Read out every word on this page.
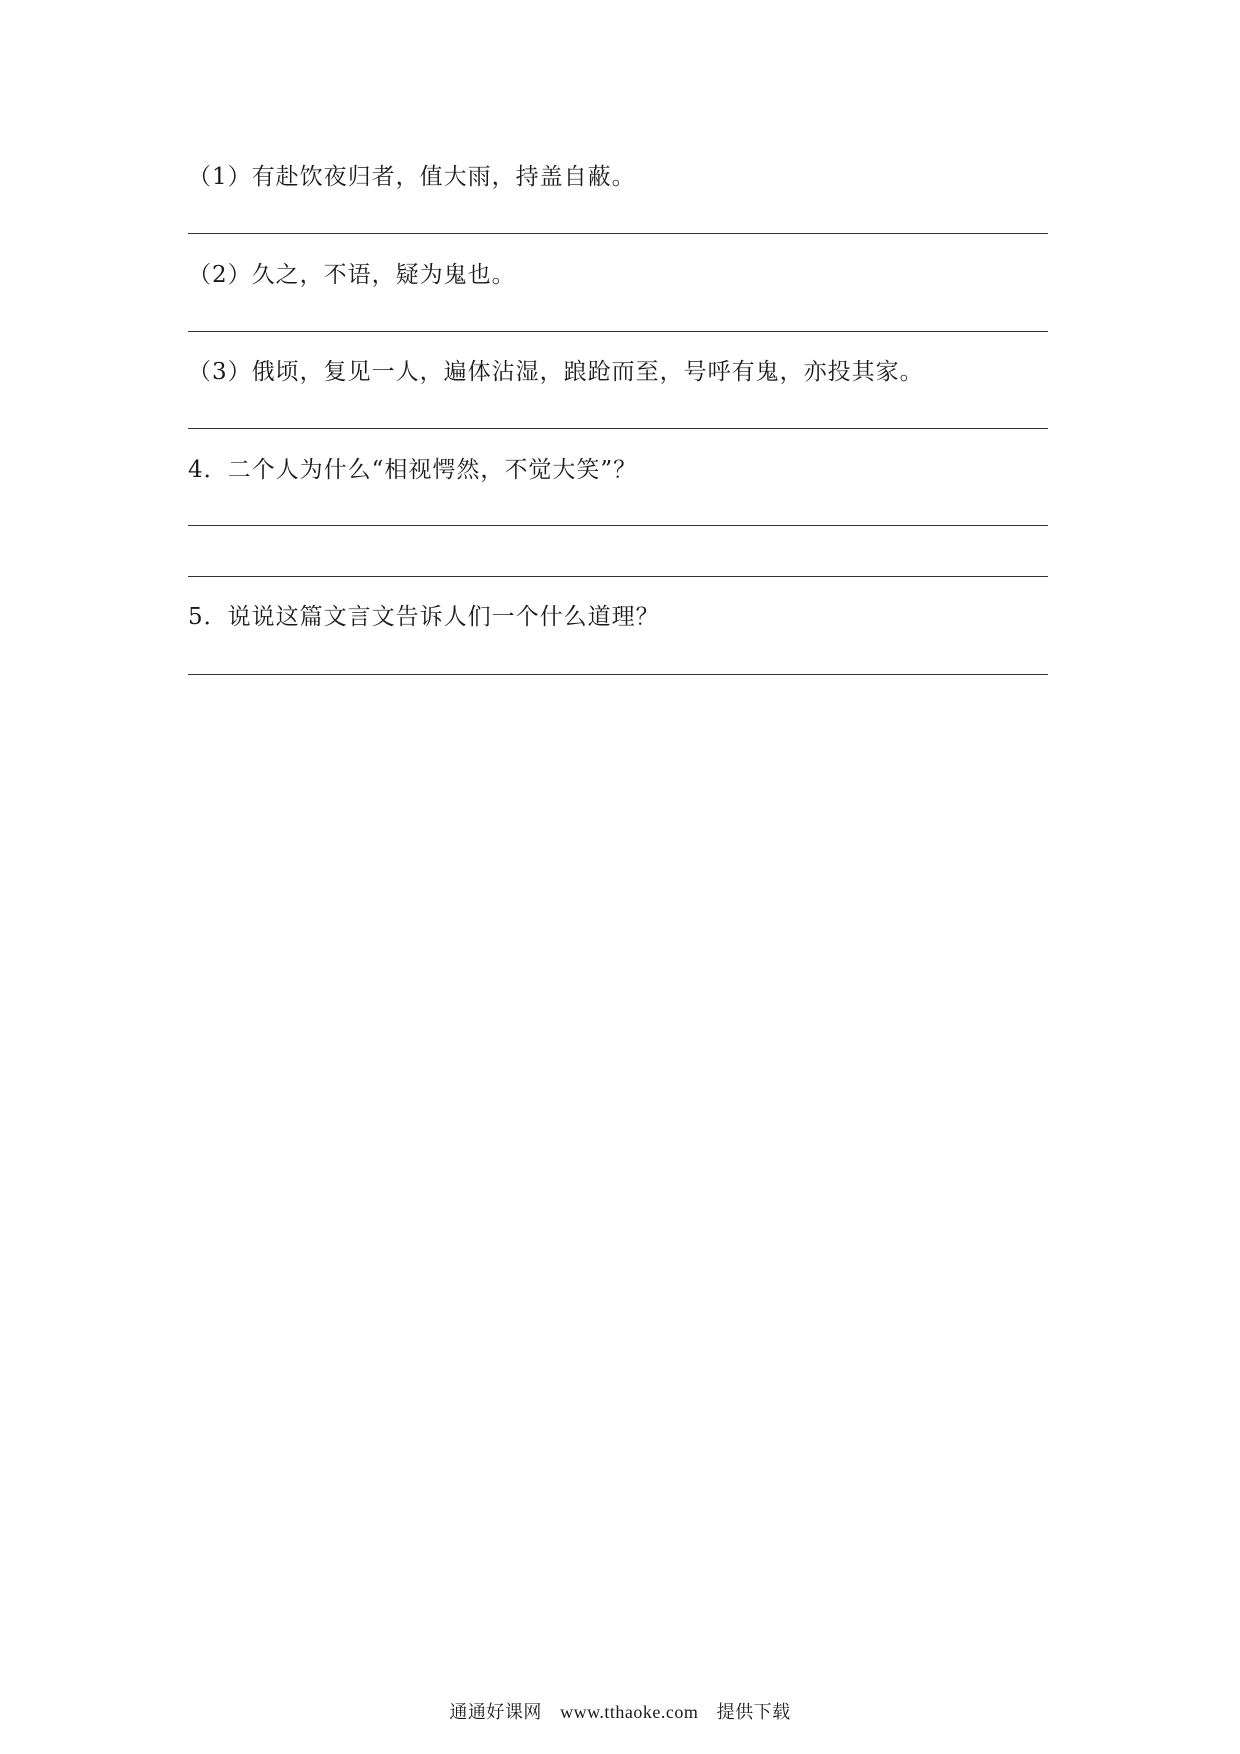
（1）有赴饮夜归者，值大雨，持盖自蔽。
（2）久之，不语，疑为鬼也。
（3）俄顷，复见一人，遍体沾湿，踉跄而至，号呼有鬼，亦投其家。
4．二个人为什么“相视愕然，不觉大笑”？
5．说说这篇文言文告诉人们一个什么道理？
通通好课网 www.tthaoke.com 提供下载
